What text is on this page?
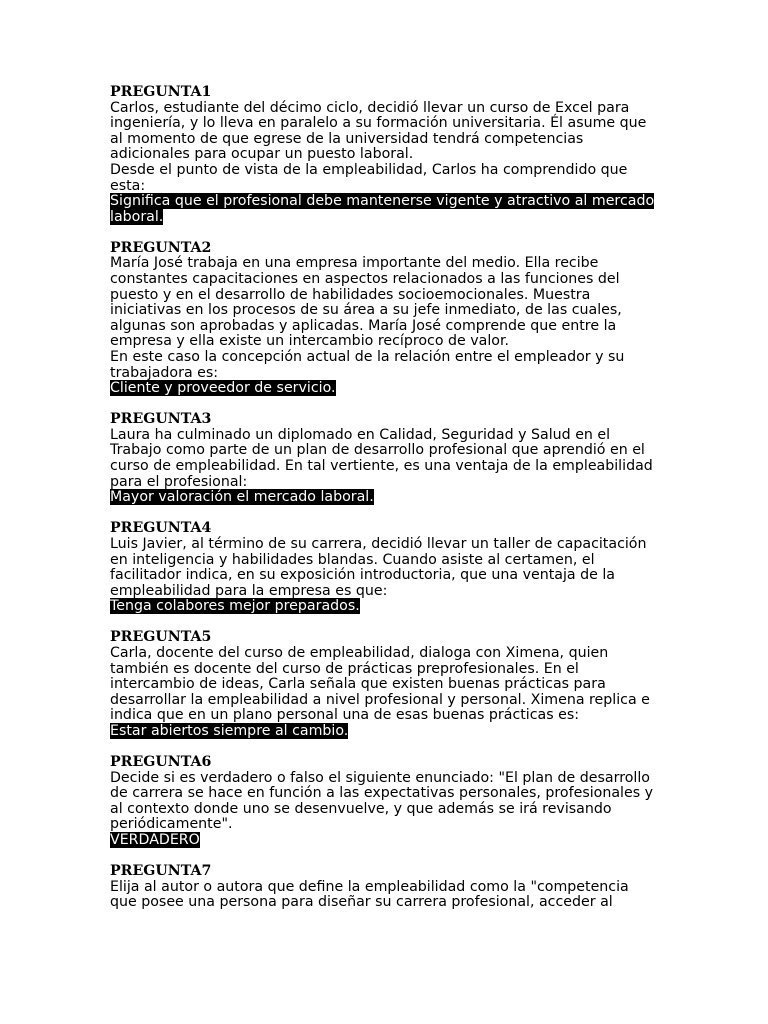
PREGUNTA1
Carlos, estudiante del décimo ciclo, decidió llevar un curso de Excel para
ingeniería, y lo lleva en paralelo a su formación universitaria. Él asume que
al momento de que egrese de la universidad tendrá competencias
adicionales para ocupar un puesto laboral.
Desde el punto de vista de la empleabilidad, Carlos ha comprendido que
esta:
Significa que el profesional debe mantenerse vigente y atractivo al mercado laboral.
PREGUNTA2
María José trabaja en una empresa importante del medio. Ella recibe
constantes capacitaciones en aspectos relacionados a las funciones del
puesto y en el desarrollo de habilidades socioemocionales. Muestra
iniciativas en los procesos de su área a su jefe inmediato, de las cuales,
algunas son aprobadas y aplicadas. María José comprende que entre la
empresa y ella existe un intercambio recíproco de valor.
En este caso la concepción actual de la relación entre el empleador y su
trabajadora es:
Cliente y proveedor de servicio.
PREGUNTA3
Laura ha culminado un diplomado en Calidad, Seguridad y Salud en el
Trabajo como parte de un plan de desarrollo profesional que aprendió en el
curso de empleabilidad. En tal vertiente, es una ventaja de la empleabilidad
para el profesional:
Mayor valoración el mercado laboral.
PREGUNTA4
Luis Javier, al término de su carrera, decidió llevar un taller de capacitación
en inteligencia y habilidades blandas. Cuando asiste al certamen, el
facilitador indica, en su exposición introductoria, que una ventaja de la
empleabilidad para la empresa es que:
Tenga colabores mejor preparados.
PREGUNTA5
Carla, docente del curso de empleabilidad, dialoga con Ximena, quien
también es docente del curso de prácticas preprofesionales. En el
intercambio de ideas, Carla señala que existen buenas prácticas para
desarrollar la empleabilidad a nivel profesional y personal. Ximena replica e
indica que en un plano personal una de esas buenas prácticas es:
Estar abiertos siempre al cambio.
PREGUNTA6
Decide si es verdadero o falso el siguiente enunciado: "El plan de desarrollo
de carrera se hace en función a las expectativas personales, profesionales y
al contexto donde uno se desenvuelve, y que además se irá revisando
periódicamente".
VERDADERO
PREGUNTA7
Elija al autor o autora que define la empleabilidad como la "competencia
que posee una persona para diseñar su carrera profesional, acceder al
